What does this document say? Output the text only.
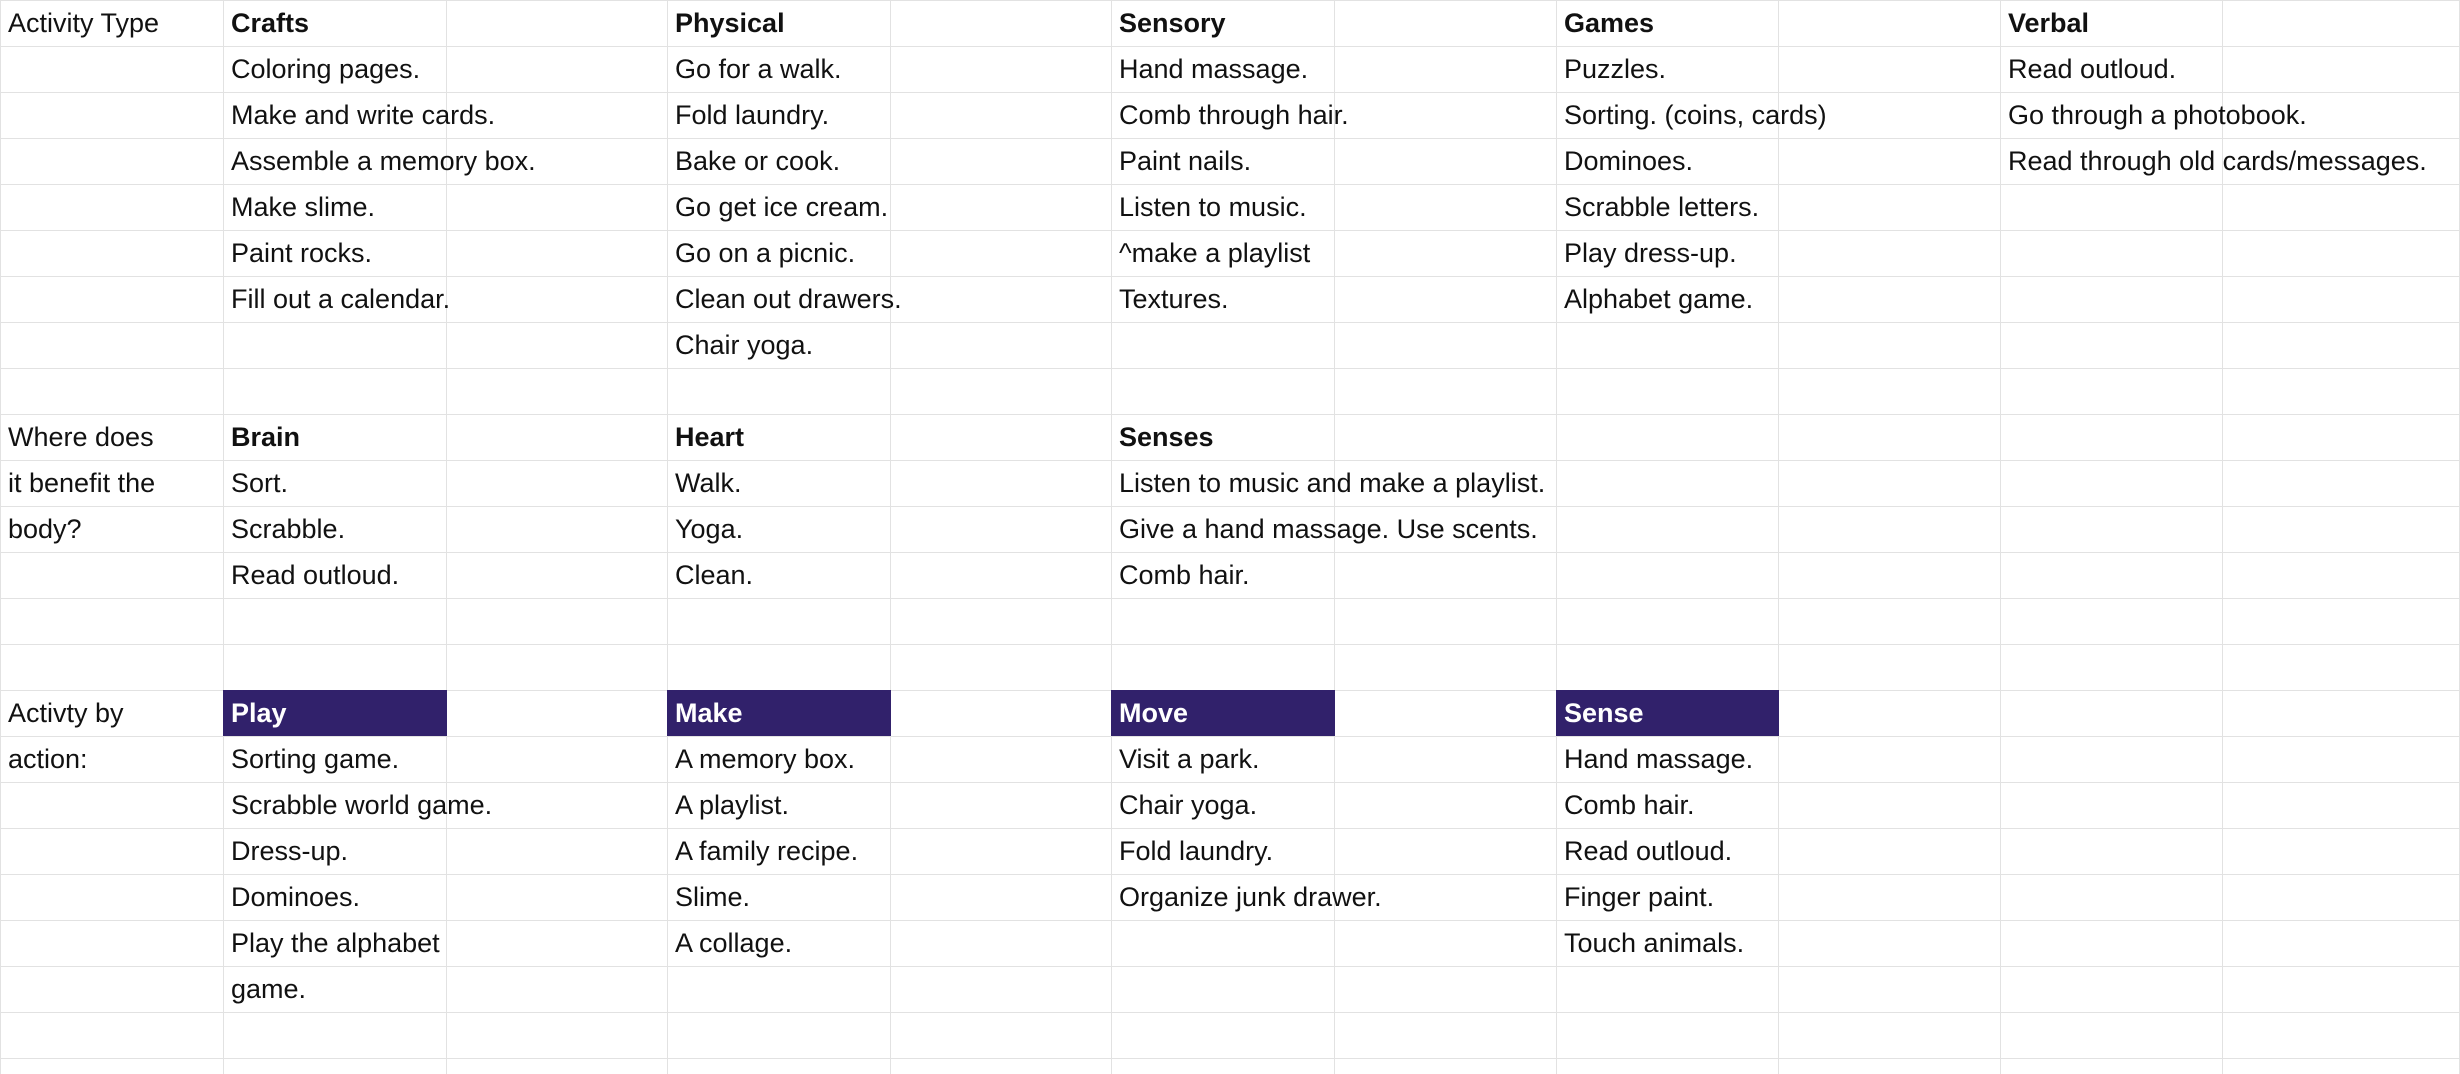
Activity Type	Crafts
Coloring pages.
Make and write cards.
Assemble a memory box.
Make slime.
Paint rocks.
Fill out a calendar.
Physical
Go for a walk.
Fold laundry.
Bake or cook.
Go get ice cream.
Go on a picnic.
Clean out drawers.
Chair yoga.
Sensory
Hand massage.
Comb through hair.
Paint nails.
Listen to music.
^make a playlist
Textures.
Games
Puzzles.
Sorting. (coins, cards)
Dominoes.
Scrabble letters.
Play dress-up.
Alphabet game.
Verbal
Read outloud.
Go through a photobook.
Read through old cards/messages.
Where does
it benefit the
body?
Brain
Sort.
Scrabble.
Read outloud.
Heart
Walk.
Yoga.
Clean.
Senses
Listen to music and make a playlist.
Give a hand massage. Use scents.
Comb hair.
Activty by
action:
Play
Sorting game.
Scrabble world game.
Dress-up.
Dominoes.
Play the alphabet
game.
Make
A memory box.
A playlist.
A family recipe.
Slime.
A collage.
Move
Visit a park.
Chair yoga.
Fold laundry.
Organize junk drawer.
Sense
Hand massage.
Comb hair.
Read outloud.
Finger paint.
Touch animals.
